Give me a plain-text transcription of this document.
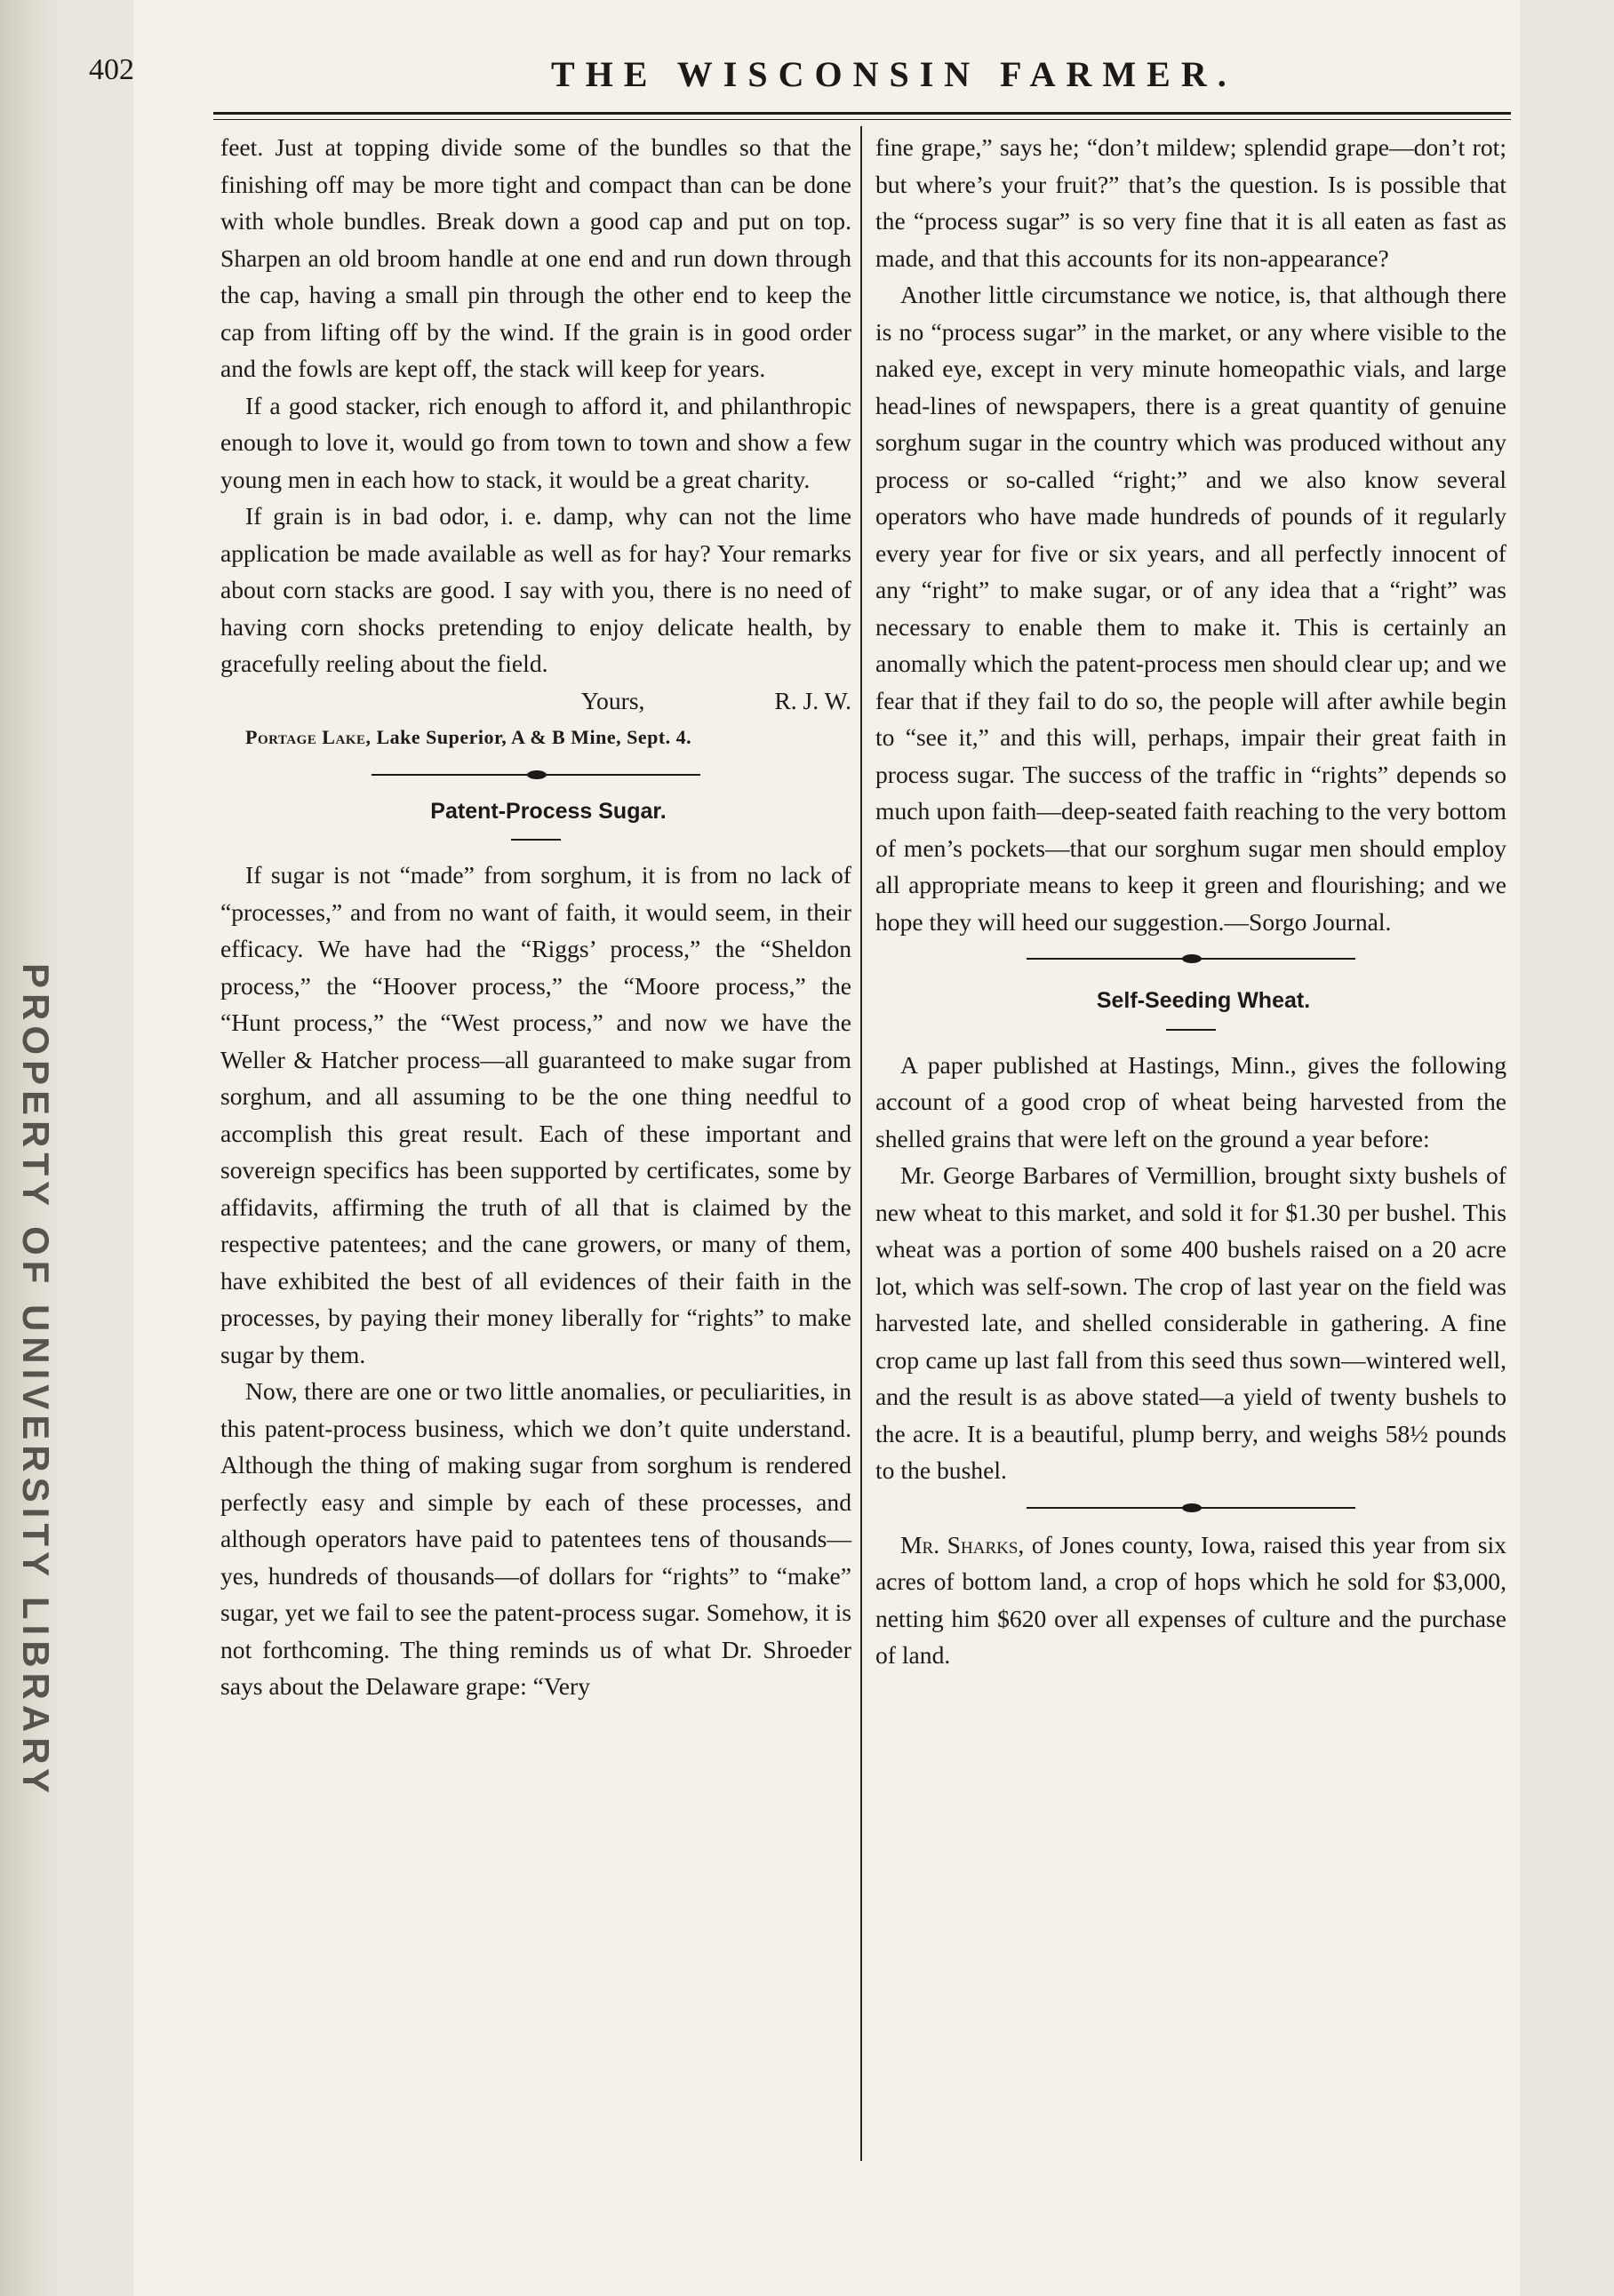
PROPERTY OF UNIVERSITY LIBRARY
402	THE WISCONSIN FARMER.

feet. Just at topping divide some of the bundles so that the finishing off may be more tight and compact than can be done with whole bundles. Break down a good cap and put on top. Sharpen an old broom handle at one end and run down through the cap, having a small pin through the other end to keep the cap from lifting off by the wind. If the grain is in good order and the fowls are kept off, the stack will keep for years.

If a good stacker, rich enough to afford it, and philanthropic enough to love it, would go from town to town and show a few young men in each how to stack, it would be a great charity.

If grain is in bad odor, i. e. damp, why can not the lime application be made available as well as for hay? Your remarks about corn stacks are good. I say with you, there is no need of having corn shocks pretending to enjoy delicate health, by gracefully reeling about the field.

Yours,	R. J. W.

Portage Lake, Lake Superior, A & B Mine, Sept. 4.

Patent-Process Sugar.

If sugar is not “made” from sorghum, it is from no lack of “processes,” and from no want of faith, it would seem, in their efficacy. We have had the “Riggs’ process,” the “Sheldon process,” the “Hoover process,” the “Moore process,” the “Hunt process,” the “West process,” and now we have the Weller & Hatcher process—all guaranteed to make sugar from sorghum, and all assuming to be the one thing needful to accomplish this great result. Each of these important and sovereign specifics has been supported by certificates, some by affidavits, affirming the truth of all that is claimed by the respective patentees; and the cane growers, or many of them, have exhibited the best of all evidences of their faith in the processes, by paying their money liberally for “rights” to make sugar by them.

Now, there are one or two little anomalies, or peculiarities, in this patent-process business, which we don’t quite understand. Although the thing of making sugar from sorghum is rendered perfectly easy and simple by each of these processes, and although operators have paid to patentees tens of thousands—yes, hundreds of thousands—of dollars for “rights” to “make” sugar, yet we fail to see the patent-process sugar. Somehow, it is not forthcoming. The thing reminds us of what Dr. Shroeder says about the Delaware grape: “Very

fine grape,” says he; “don’t mildew; splendid grape—don’t rot; but where’s your fruit?” that’s the question. Is is possible that the “process sugar” is so very fine that it is all eaten as fast as made, and that this accounts for its non-appearance?

Another little circumstance we notice, is, that although there is no “process sugar” in the market, or any where visible to the naked eye, except in very minute homeopathic vials, and large head-lines of newspapers, there is a great quantity of genuine sorghum sugar in the country which was produced without any process or so-called “right;” and we also know several operators who have made hundreds of pounds of it regularly every year for five or six years, and all perfectly innocent of any “right” to make sugar, or of any idea that a “right” was necessary to enable them to make it. This is certainly an anomally which the patent-process men should clear up; and we fear that if they fail to do so, the people will after awhile begin to “see it,” and this will, perhaps, impair their great faith in process sugar. The success of the traffic in “rights” depends so much upon faith—deep-seated faith reaching to the very bottom of men’s pockets—that our sorghum sugar men should employ all appropriate means to keep it green and flourishing; and we hope they will heed our suggestion.—Sorgo Journal.

Self-Seeding Wheat.

A paper published at Hastings, Minn., gives the following account of a good crop of wheat being harvested from the shelled grains that were left on the ground a year before:

Mr. George Barbares of Vermillion, brought sixty bushels of new wheat to this market, and sold it for $1.30 per bushel. This wheat was a portion of some 400 bushels raised on a 20 acre lot, which was self-sown. The crop of last year on the field was harvested late, and shelled considerable in gathering. A fine crop came up last fall from this seed thus sown—wintered well, and the result is as above stated—a yield of twenty bushels to the acre. It is a beautiful, plump berry, and weighs 58½ pounds to the bushel.

Mr. Sharks, of Jones county, Iowa, raised this year from six acres of bottom land, a crop of hops which he sold for $3,000, netting him $620 over all expenses of culture and the purchase of land.
